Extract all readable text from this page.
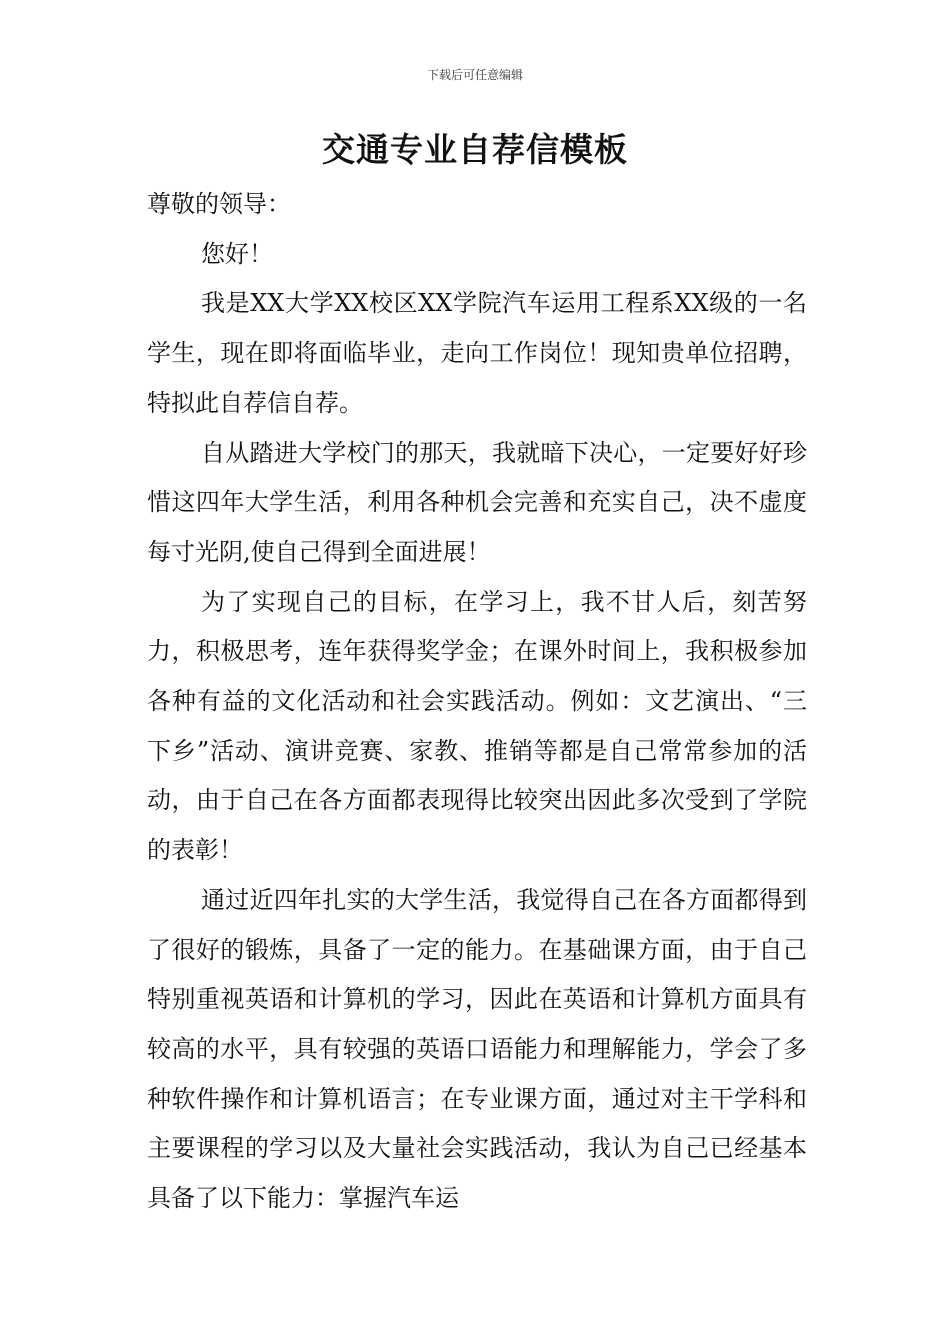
下载后可任意编辑
交通专业自荐信模板

尊敬的领导：

您好！

我是XX大学XX校区XX学院汽车运用工程系XX级的一名学生，现在即将面临毕业，走向工作岗位！现知贵单位招聘，特拟此自荐信自荐。

自从踏进大学校门的那天，我就暗下决心，一定要好好珍惜这四年大学生活，利用各种机会完善和充实自己，决不虚度每寸光阴,使自己得到全面进展！

为了实现自己的目标，在学习上，我不甘人后，刻苦努力，积极思考，连年获得奖学金；在课外时间上，我积极参加各种有益的文化活动和社会实践活动。例如：文艺演出、“三下乡”活动、演讲竞赛、家教、推销等都是自己常常参加的活动，由于自己在各方面都表现得比较突出因此多次受到了学院的表彰！

通过近四年扎实的大学生活，我觉得自己在各方面都得到了很好的锻炼，具备了一定的能力。在基础课方面，由于自己特别重视英语和计算机的学习，因此在英语和计算机方面具有较高的水平，具有较强的英语口语能力和理解能力，学会了多种软件操作和计算机语言；在专业课方面，通过对主干学科和主要课程的学习以及大量社会实践活动，我认为自己已经基本具备了以下能力：掌握汽车运
